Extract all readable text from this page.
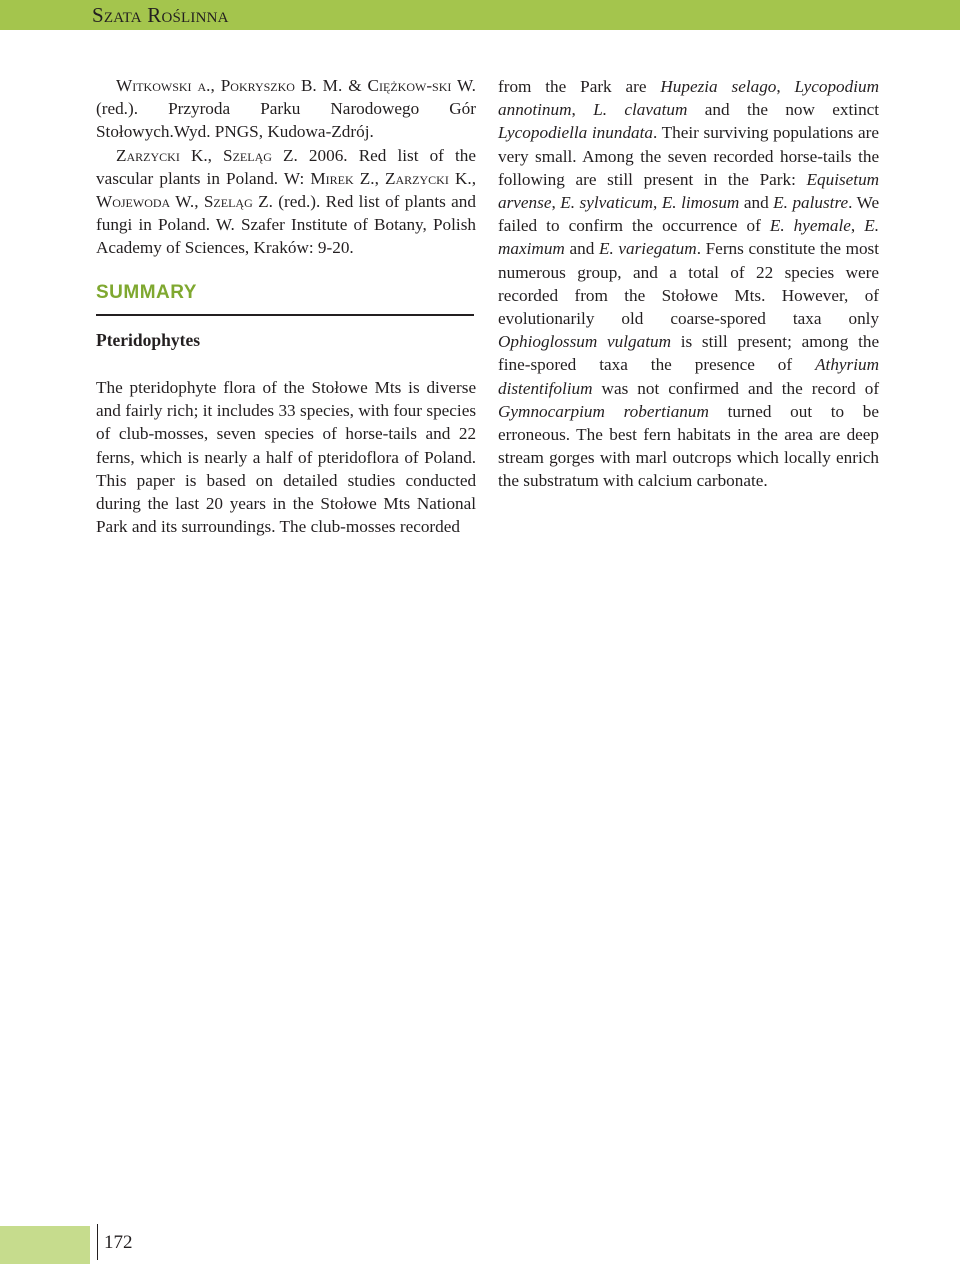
Szata Roślinna

Witkowski a., Pokryszko B. M. & Ciężkow-ski W. (red.). Przyroda Parku Narodowego Gór Stołowych.Wyd. PNGS, Kudowa-Zdrój.

Zarzycki K., Szeląg Z. 2006. Red list of the vascular plants in Poland. W: Mirek Z., Zarzycki K., Wojewoda W., Szeląg Z. (red.). Red list of plants and fungi in Poland. W. Szafer Institute of Botany, Polish Academy of Sciences, Kraków: 9-20.

SUMMARY
Pteridophytes
The pteridophyte flora of the Stołowe Mts is diverse and fairly rich; it includes 33 species, with four species of club-mosses, seven species of horse-tails and 22 ferns, which is nearly a half of pteridoflora of Poland. This paper is based on detailed studies conducted during the last 20 years in the Stołowe Mts National Park and its surroundings. The club-mosses recorded
from the Park are Hupezia selago, Lycopodium annotinum, L. clavatum and the now extinct Lycopodiella inundata. Their surviving populations are very small. Among the seven recorded horse-tails the following are still present in the Park: Equisetum arvense, E. sylvaticum, E. limosum and E. palustre. We failed to confirm the occurrence of E. hyemale, E. maximum and E. variegatum. Ferns constitute the most numerous group, and a total of 22 species were recorded from the Stołowe Mts. However, of evolutionarily old coarse-spored taxa only Ophioglossum vulgatum is still present; among the fine-spored taxa the presence of Athyrium distentifolium was not confirmed and the record of Gymnocarpium robertianum turned out to be erroneous. The best fern habitats in the area are deep stream gorges with marl outcrops which locally enrich the substratum with calcium carbonate.
172
